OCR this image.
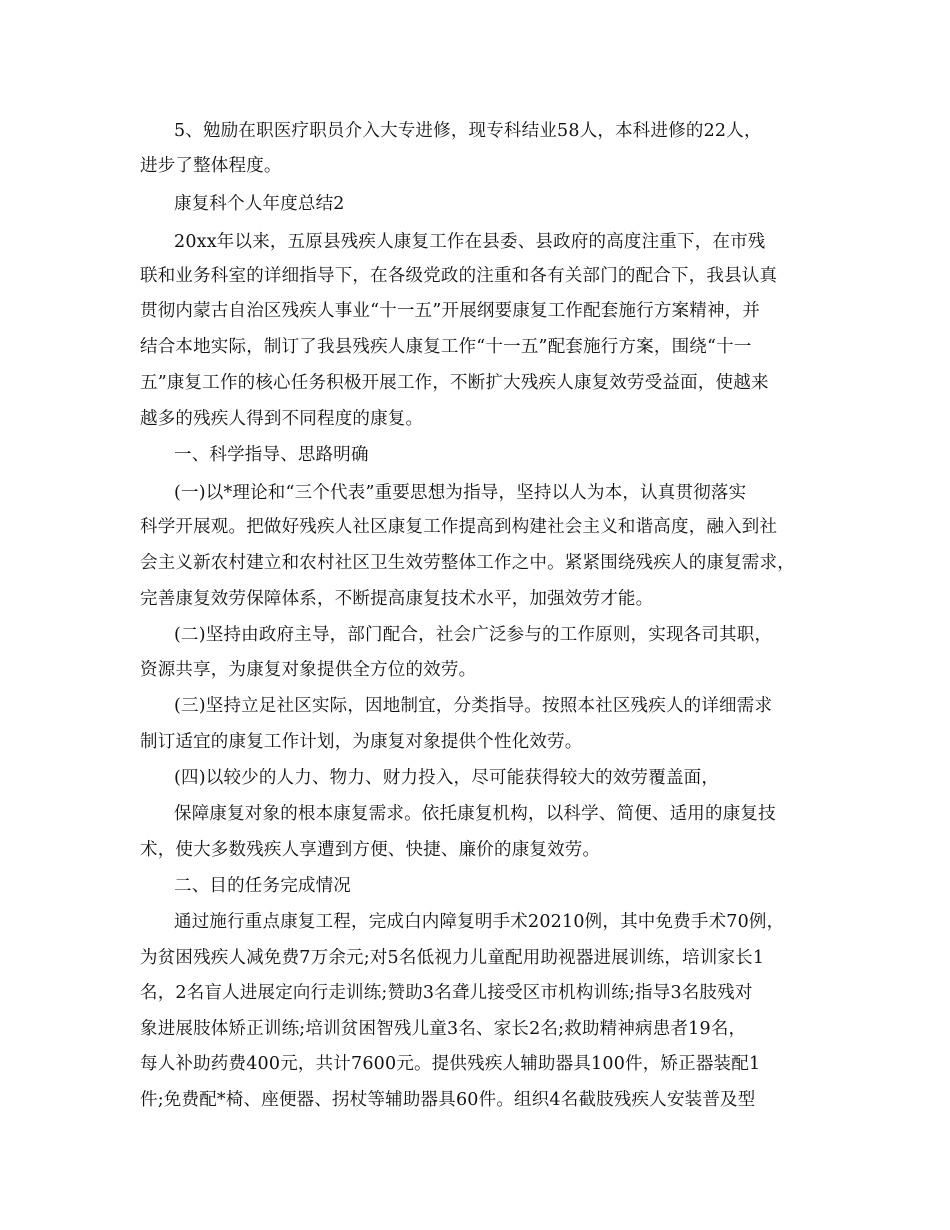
5、勉励在职医疗职员介入大专进修，现专科结业58人，本科进修的22人，
进步了整体程度。
康复科个人年度总结2
20xx年以来，五原县残疾人康复工作在县委、县政府的高度注重下，在市残
联和业务科室的详细指导下，在各级党政的注重和各有关部门的配合下，我县认真
贯彻内蒙古自治区残疾人事业“十一五”开展纲要康复工作配套施行方案精神，并
结合本地实际，制订了我县残疾人康复工作“十一五”配套施行方案，围绕“十一
五”康复工作的核心任务积极开展工作，不断扩大残疾人康复效劳受益面，使越来
越多的残疾人得到不同程度的康复。
一、科学指导、思路明确
(一)以*理论和“三个代表”重要思想为指导，坚持以人为本，认真贯彻落实
科学开展观。把做好残疾人社区康复工作提高到构建社会主义和谐高度，融入到社
会主义新农村建立和农村社区卫生效劳整体工作之中。紧紧围绕残疾人的康复需求，
完善康复效劳保障体系，不断提高康复技术水平，加强效劳才能。
(二)坚持由政府主导，部门配合，社会广泛参与的工作原则，实现各司其职，
资源共享，为康复对象提供全方位的效劳。
(三)坚持立足社区实际，因地制宜，分类指导。按照本社区残疾人的详细需求
制订适宜的康复工作计划，为康复对象提供个性化效劳。
(四)以较少的人力、物力、财力投入，尽可能获得较大的效劳覆盖面，
保障康复对象的根本康复需求。依托康复机构，以科学、简便、适用的康复技
术，使大多数残疾人享遭到方便、快捷、廉价的康复效劳。
二、目的任务完成情况
通过施行重点康复工程，完成白内障复明手术20210例，其中免费手术70例，
为贫困残疾人减免费7万余元;对5名低视力儿童配用助视器进展训练，培训家长1
名，2名盲人进展定向行走训练;赞助3名聋儿接受区市机构训练;指导3名肢残对
象进展肢体矫正训练;培训贫困智残儿童3名、家长2名;救助精神病患者19名，
每人补助药费400元，共计7600元。提供残疾人辅助器具100件，矫正器装配1
件;免费配*椅、座便器、拐杖等辅助器具60件。组织4名截肢残疾人安装普及型
